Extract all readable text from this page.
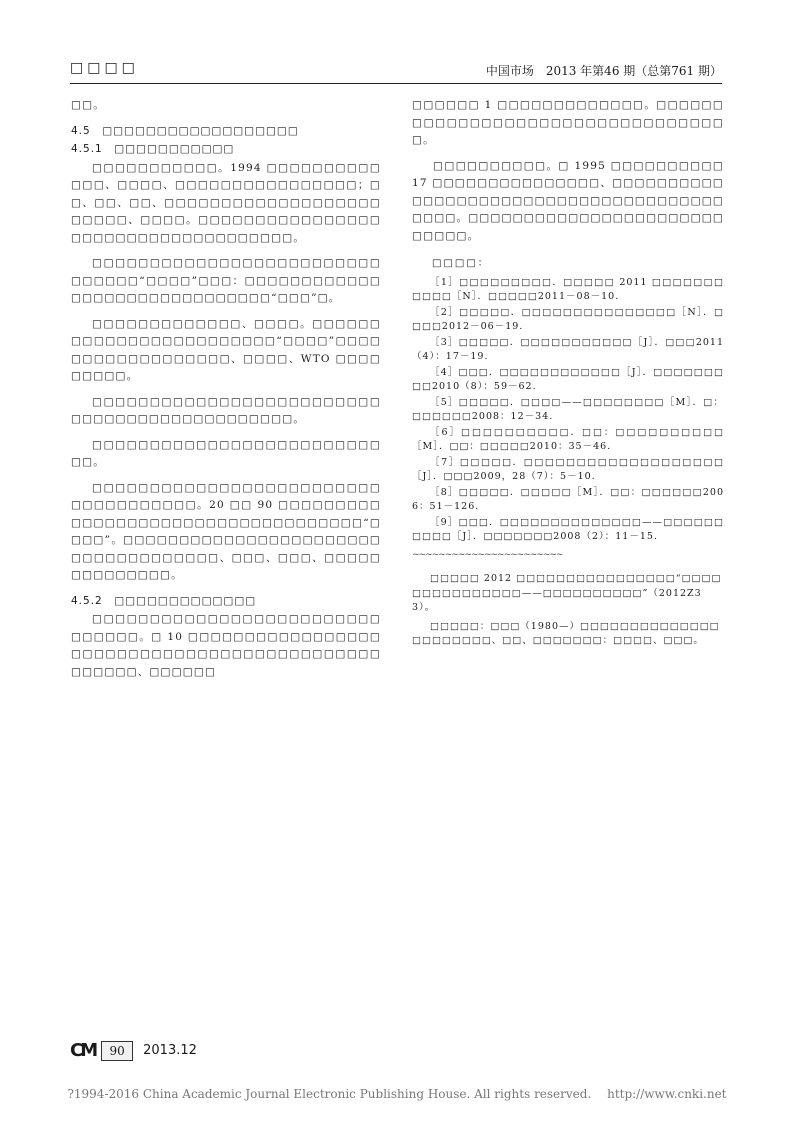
□□□□	中国市场　2013 年第46 期（总第761 期）

□□。

4.5　□□□□□□□□□□□□□□□□□□

4.5.1　□□□□□□□□□□□

□□□□□□□□□□□。1994 □□□□□□□□□□□□□、□□□□、□□□□□□□□□□□□□□□□；□□、□□、□□、□□□□□□□□□□□□□□□□□□□□□□□□、□□□□。□□□□□□□□□□□□□□□□□□□□□□□□□□□□□□□□□□□□。

□□□□□□□□□□□□□□□□□□□□□□□□□□□□□□□“□□□□”□□□：□□□□□□□□□□□□□□□□□□□□□□□□□□□□□□“□□□”□。

□□□□□□□□□□□□□、□□□□。□□□□□□□□□□□□□□□□□□□□□□□□“□□□□”□□□□□□□□□□□□□□□□□□、□□□□、WTO □□□□□□□□□。

□□□□□□□□□□□□□□□□□□□□□□□□□□□□□□□□□□□□□□□□□□□□□。

□□□□□□□□□□□□□□□□□□□□□□□□□□□。

□□□□□□□□□□□□□□□□□□□□□□□□□□□□□□□□□□□□。20 □□ 90 □□□□□□□□□□□□□□□□□□□□□□□□□□□□□□□□□□□“□□□□”。□□□□□□□□□□□□□□□□□□□□□□□□□□□□□□□□□□□□、□□□、□□□、□□□□□□□□□□□□□□。

4.5.2　□□□□□□□□□□□□□

□□□□□□□□□□□□□□□□□□□□□□□□□□□□□□□。□ 10 □□□□□□□□□□□□□□□□□□□□□□□□□□□□□□□□□□□□□□□□□□□□□□□□□□、□□□□□□

□□□□□□ 1 □□□□□□□□□□□□□。□□□□□□□□□□□□□□□□□□□□□□□□□□□□□□□□□□。

□□□□□□□□□□。□ 1995 □□□□□□□□□□ 17 □□□□□□□□□□□□□□□、□□□□□□□□□□□□□□□□□□□□□□□□□□□□□□□□□□□□□□□□□□。□□□□□□□□□□□□□□□□□□□□□□□□□□□□。

□□□□：

［1］□□□□□□□□□．□□□□□ 2011 □□□□□□□□□□□［N］．□□□□□2011－08－10.

［2］□□□□□．□□□□□□□□□□□□□□□［N］．□□□□2012－06－19.

［3］□□□□□．□□□□□□□□□□□［J］．□□□2011（4）：17－19.

［4］□□□．□□□□□□□□□□□□［J］．□□□□□□□□□2010（8）：59－62.

［5］□□□□□．□□□□——□□□□□□□□［M］．□：□□□□□□2008：12－34.

［6］□□□□□□□□□□．□□：□□□□□□□□□□［M］．□□：□□□□□2010：35－46.

［7］□□□□□．□□□□□□□□□□□□□□□□□□□［J］．□□□2009，28（7）：5－10.

［8］□□□□□．□□□□□［M］．□□：□□□□□□2006：51－126.

［9］□□□．□□□□□□□□□□□□□□——□□□□□□□□□□［J］．□□□□□□□2008（2）：11－15.

~~~~~~~~~~~~~~~~~~~~~~~

□□□□□ 2012 □□□□□□□□□□□□□□□□“□□□□□□□□□□□□□□□——□□□□□□□□□□”（2012Z33）。

□□□□□：□□□（1980—）□□□□□□□□□□□□□□□□□□□□□□、□□、□□□□□□□：□□□□、□□□。

CM	90	2013.12
?1994-2016 China Academic Journal Electronic Publishing House. All rights reserved.　 http://www.cnki.net
